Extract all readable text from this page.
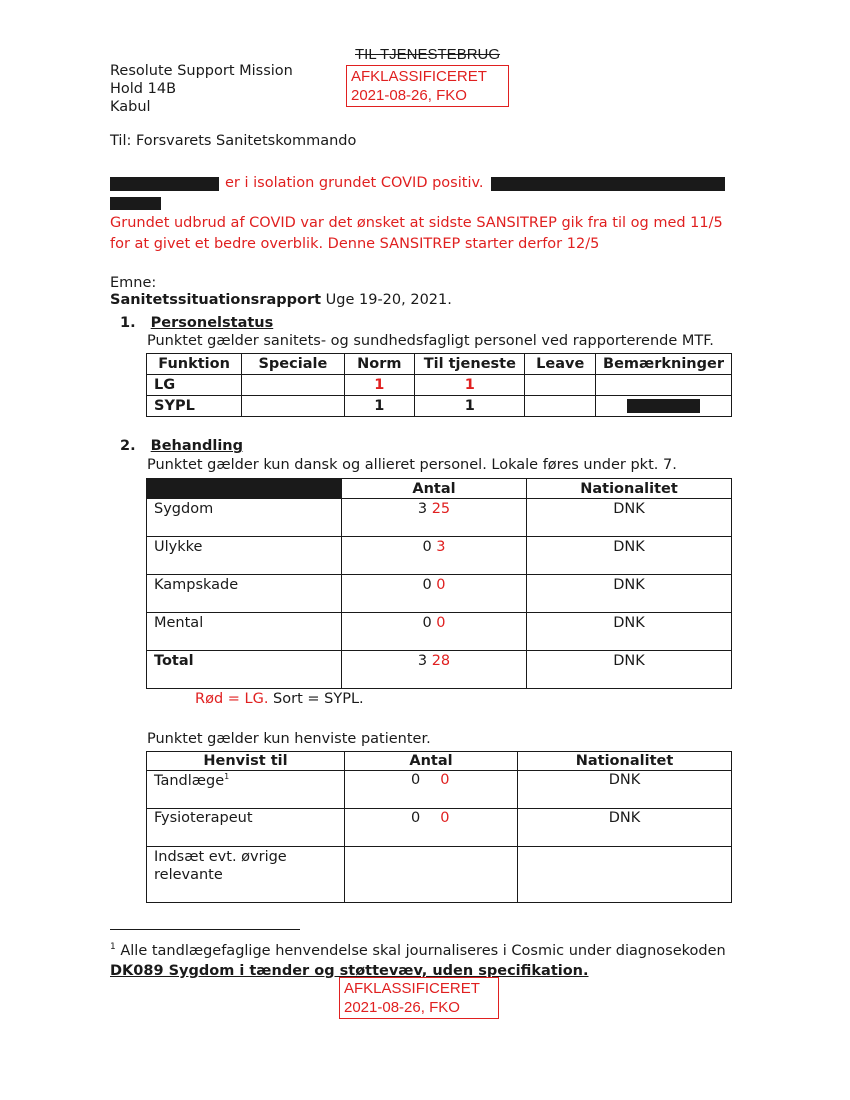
TIL TJENESTEBRUG
AFKLASSIFICERET
2021-08-26, FKO
Resolute Support Mission
Hold 14B
Kabul
Til: Forsvarets Sanitetskommando
er i isolation grundet COVID positiv.
Grundet udbrud af COVID var det ønsket at sidste SANSITREP gik fra til og med 11/5
for at givet et bedre overblik. Denne SANSITREP starter derfor 12/5
Emne:
Sanitetssituationsrapport Uge 19-20, 2021.
1. Personelstatus
Punktet gælder sanitets- og sundhedsfagligt personel ved rapporterende MTF.
Funktion	Speciale	Norm	Til tjeneste	Leave	Bemærkninger
LG		1	1		
SYPL		1	1		
2. Behandling
Punktet gælder kun dansk og allieret personel. Lokale føres under pkt. 7.
	Antal	Nationalitet
Sygdom	3 25	DNK
Ulykke	0 3	DNK
Kampskade	0 0	DNK
Mental	0 0	DNK
Total	3 28	DNK
Rød = LG. Sort = SYPL.
Punktet gælder kun henviste patienter.
Henvist til	Antal	Nationalitet
Tandlæge$^1$	0 0	DNK
Fysioterapeut	0 0	DNK

Indsæt evt. øvrige
relevante		

$^1$ Alle tandlægefaglige henvendelse skal journaliseres i Cosmic under diagnosekoden
DK089 Sygdom i tænder og støttevæv, uden specifikation.
AFKLASSIFICERET
2021-08-26, FKO
